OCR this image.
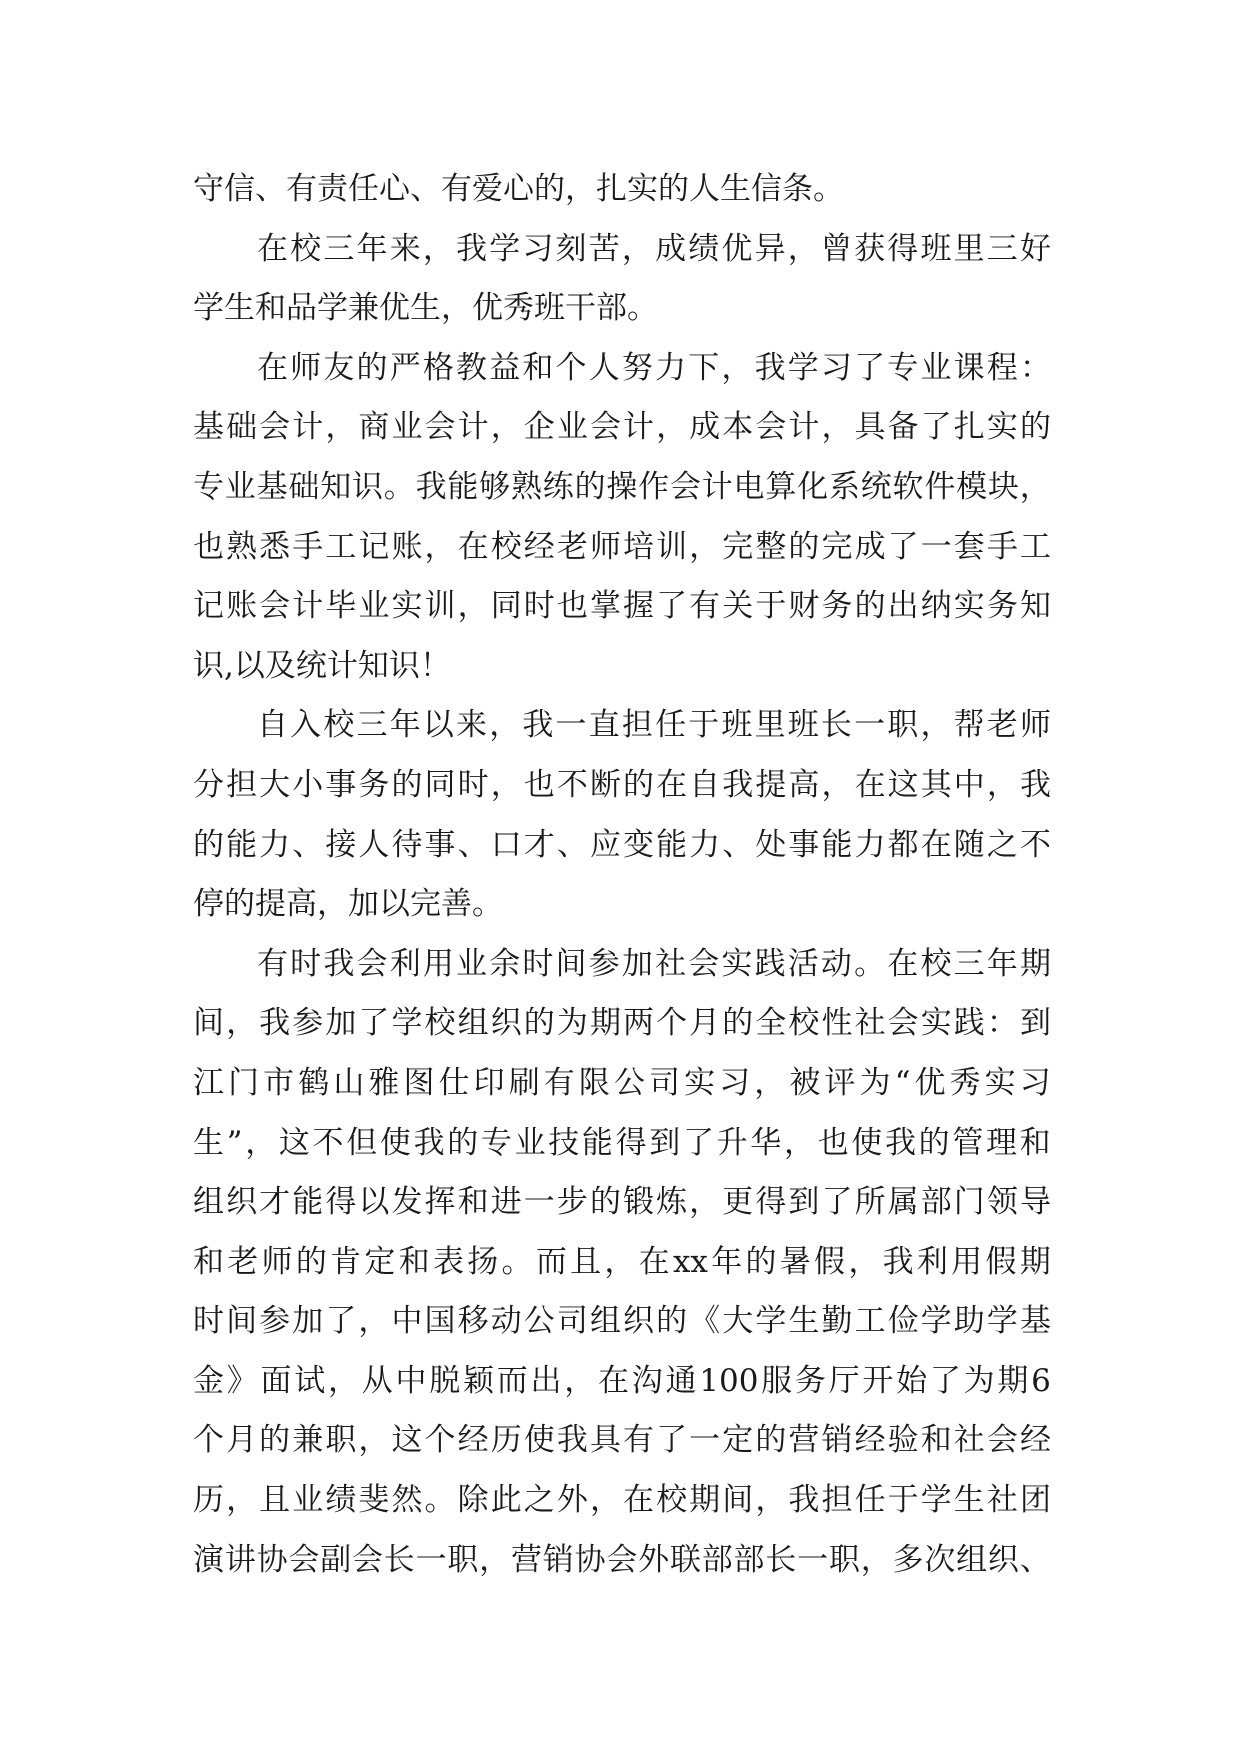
守信、有责任心、有爱心的，扎实的人生信条。
在 校 三 年 来 ， 我 学 习 刻 苦 ， 成 绩 优 异 ， 曾 获 得 班 里 三 好
学生和品学兼优生，优秀班干部。
在 师 友 的 严 格 教 益 和 个 人 努 力 下 ， 我 学 习 了 专 业 课 程 ：
基 础 会 计 ， 商 业 会 计 ， 企 业 会 计 ， 成 本 会 计 ， 具 备 了 扎 实 的
专 业 基 础 知 识 。 我 能 够 熟 练 的 操 作 会 计 电 算 化 系 统 软 件 模 块 ，
也 熟 悉 手 工 记 账 ， 在 校 经 老 师 培 训 ， 完 整 的 完 成 了 一 套 手 工
记 账 会 计 毕 业 实 训 ， 同 时 也 掌 握 了 有 关 于 财 务 的 出 纳 实 务 知
识,以及统计知识！
自 入 校 三 年 以 来 ， 我 一 直 担 任 于 班 里 班 长 一 职 ， 帮 老 师
分 担 大 小 事 务 的 同 时 ， 也 不 断 的 在 自 我 提 高 ， 在 这 其 中 ， 我
的 能 力 、 接 人 待 事 、 口 才 、 应 变 能 力 、 处 事 能 力 都 在 随 之 不
停的提高，加以完善。
有 时 我 会 利 用 业 余 时 间 参 加 社 会 实 践 活 动 。 在 校 三 年 期
间 ， 我 参 加 了 学 校 组 织 的 为 期 两 个 月 的 全 校 性 社 会 实 践 ： 到
江 门 市 鹤 山 雅 图 仕 印 刷 有 限 公 司 实 习 ， 被 评 为 “ 优 秀 实 习
生 ” ， 这 不 但 使 我 的 专 业 技 能 得 到 了 升 华 ， 也 使 我 的 管 理 和
组 织 才 能 得 以 发 挥 和 进 一 步 的 锻 炼 ， 更 得 到 了 所 属 部 门 领 导
和 老 师 的 肯 定 和 表 扬 。 而 且 ， 在 xx 年 的 暑 假 ， 我 利 用 假 期
时 间 参 加 了 ， 中 国 移 动 公 司 组 织 的 《 大 学 生 勤 工 俭 学 助 学 基
金 》 面 试 ， 从 中 脱 颖 而 出 ， 在 沟 通 100 服 务 厅 开 始 了 为 期 6
个 月 的 兼 职 ， 这 个 经 历 使 我 具 有 了 一 定 的 营 销 经 验 和 社 会 经
历 ， 且 业 绩 斐 然 。 除 此 之 外 ， 在 校 期 间 ， 我 担 任 于 学 生 社 团
演 讲 协 会 副 会 长 一 职 ， 营 销 协 会 外 联 部 部 长 一 职 ， 多 次 组 织 、
